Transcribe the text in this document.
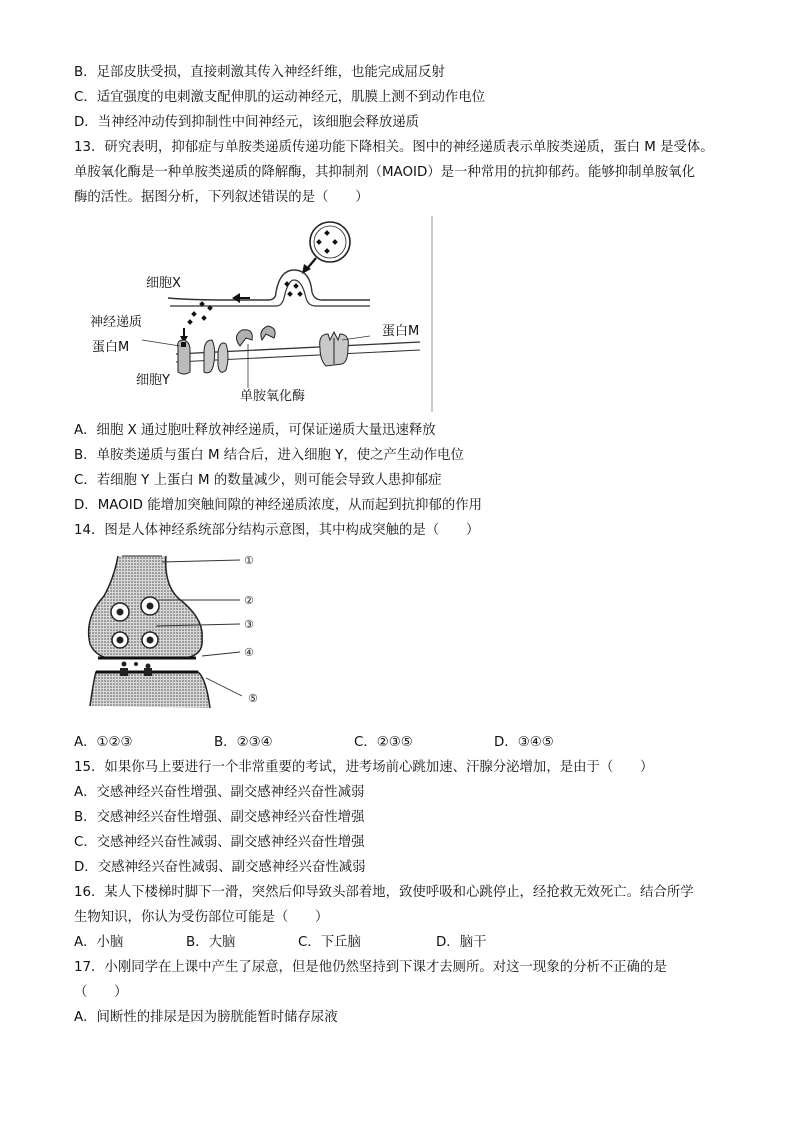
B．足部皮肤受损，直接刺激其传入神经纤维，也能完成屈反射
C．适宜强度的电刺激支配伸肌的运动神经元，肌膜上测不到动作电位
D．当神经冲动传到抑制性中间神经元，该细胞会释放递质
13．研究表明，抑郁症与单胺类递质传递功能下降相关。图中的神经递质表示单胺类递质，蛋白 M 是受体。
单胺氧化酶是一种单胺类递质的降解酶，其抑制剂（MAOID）是一种常用的抗抑郁药。能够抑制单胺氧化
酶的活性。据图分析，下列叙述错误的是（　　）
细胞X
神经递质
蛋白M
蛋白M
细胞Y
单胺氧化酶
A．细胞 X 通过胞吐释放神经递质，可保证递质大量迅速释放
B．单胺类递质与蛋白 M 结合后，进入细胞 Y，使之产生动作电位
C．若细胞 Y 上蛋白 M 的数量减少，则可能会导致人患抑郁症
D．MAOID 能增加突触间隙的神经递质浓度，从而起到抗抑郁的作用
14．图是人体神经系统部分结构示意图，其中构成突触的是（　　）
①
②
③
④
⑤
A．①②③	B．②③④	C．②③⑤	D．③④⑤
15．如果你马上要进行一个非常重要的考试，进考场前心跳加速、汗腺分泌增加，是由于（　　）
A．交感神经兴奋性增强、副交感神经兴奋性减弱
B．交感神经兴奋性增强、副交感神经兴奋性增强
C．交感神经兴奋性减弱、副交感神经兴奋性增强
D．交感神经兴奋性减弱、副交感神经兴奋性减弱
16．某人下楼梯时脚下一滑，突然后仰导致头部着地，致使呼吸和心跳停止，经抢救无效死亡。结合所学
生物知识，你认为受伤部位可能是（　　）
A．小脑	B．大脑	C．下丘脑	D．脑干
17．小刚同学在上课中产生了尿意，但是他仍然坚持到下课才去厕所。对这一现象的分析不正确的是
（　　）
A．间断性的排尿是因为膀胱能暂时储存尿液
